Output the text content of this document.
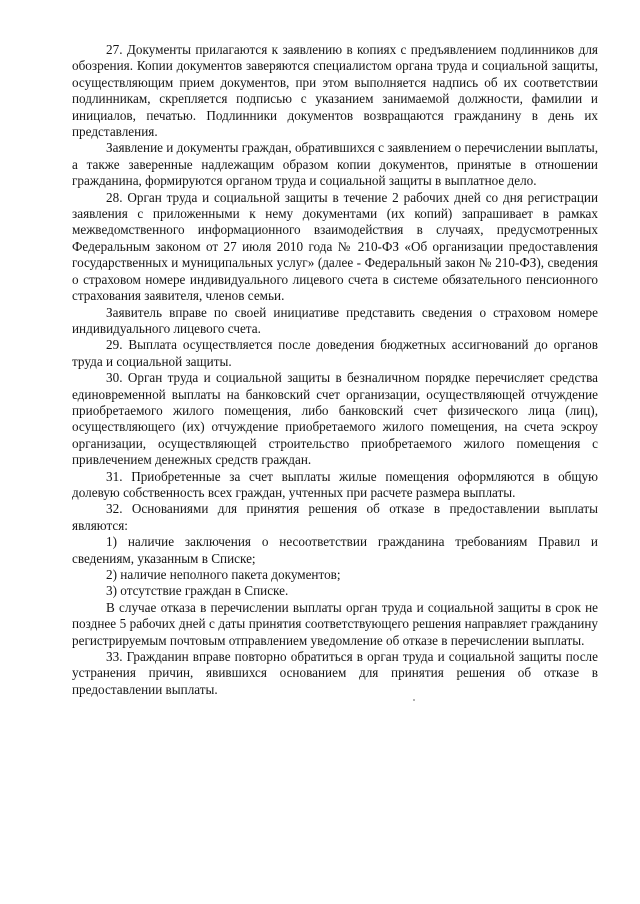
27. Документы прилагаются к заявлению в копиях с предъявлением подлинников для обозрения. Копии документов заверяются специалистом органа труда и социальной защиты, осуществляющим прием документов, при этом выполняется надпись об их соответствии подлинникам, скрепляется подписью с указанием занимаемой должности, фамилии и инициалов, печатью. Подлинники документов возвращаются гражданину в день их представления.

Заявление и документы граждан, обратившихся с заявлением о перечислении выплаты, а также заверенные надлежащим образом копии документов, принятые в отношении гражданина, формируются органом труда и социальной защиты в выплатное дело.

28. Орган труда и социальной защиты в течение 2 рабочих дней со дня регистрации заявления с приложенными к нему документами (их копий) запрашивает в рамках межведомственного информационного взаимодействия в случаях, предусмотренных Федеральным законом от 27 июля 2010 года № 210-ФЗ «Об организации предоставления государственных и муниципальных услуг» (далее - Федеральный закон № 210-ФЗ), сведения о страховом номере индивидуального лицевого счета в системе обязательного пенсионного страхования заявителя, членов семьи.

Заявитель вправе по своей инициативе представить сведения о страховом номере индивидуального лицевого счета.

29. Выплата осуществляется после доведения бюджетных ассигнований до органов труда и социальной защиты.

30. Орган труда и социальной защиты в безналичном порядке перечисляет средства единовременной выплаты на банковский счет организации, осуществляющей отчуждение приобретаемого жилого помещения, либо банковский счет физического лица (лиц), осуществляющего (их) отчуждение приобретаемого жилого помещения, на счета эскроу организации, осуществляющей строительство приобретаемого жилого помещения с привлечением денежных средств граждан.

31. Приобретенные за счет выплаты жилые помещения оформляются в общую долевую собственность всех граждан, учтенных при расчете размера выплаты.

32. Основаниями для принятия решения об отказе в предоставлении выплаты являются:

1) наличие заключения о несоответствии гражданина требованиям Правил и сведениям, указанным в Списке;

2) наличие неполного пакета документов;

3) отсутствие граждан в Списке.

В случае отказа в перечислении выплаты орган труда и социальной защиты в срок не позднее 5 рабочих дней с даты принятия соответствующего решения направляет гражданину регистрируемым почтовым отправлением уведомление об отказе в перечислении выплаты.

33. Гражданин вправе повторно обратиться в орган труда и социальной защиты после устранения причин, явившихся основанием для принятия решения об отказе в предоставлении выплаты.
